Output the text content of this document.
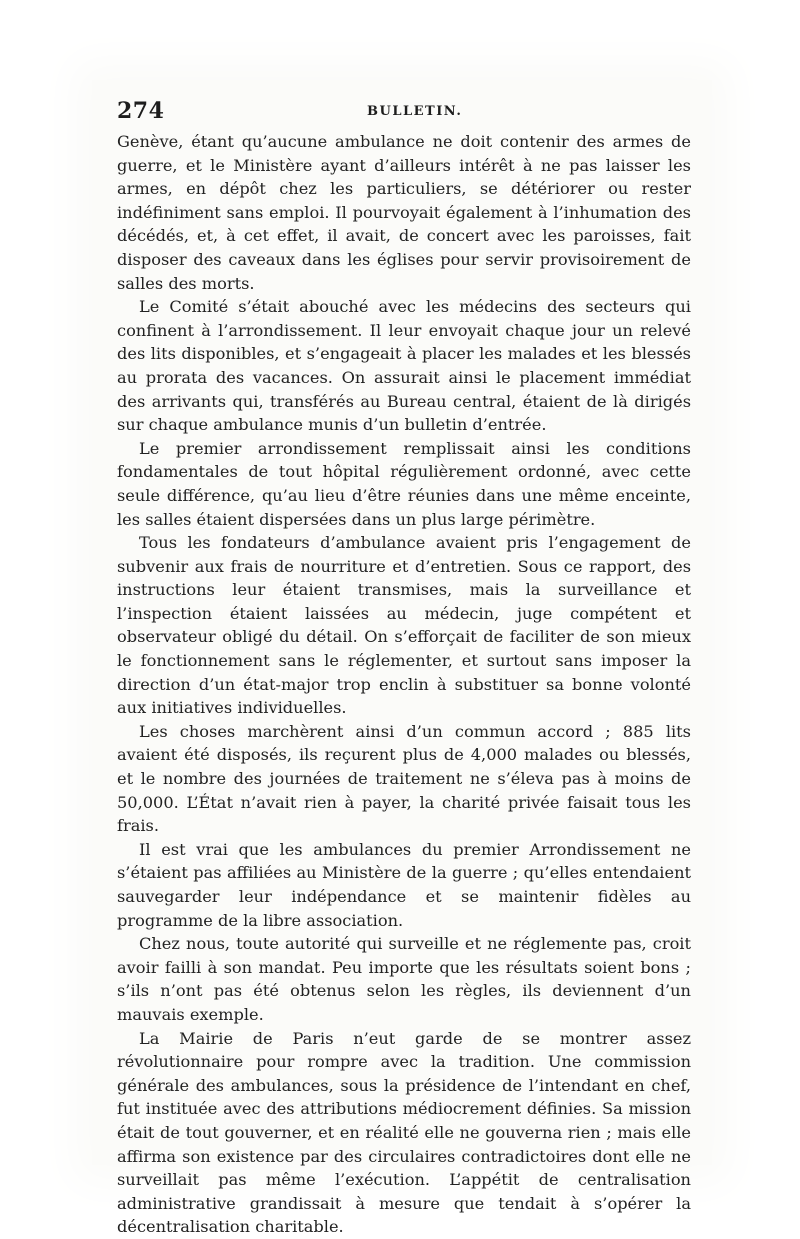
274	BULLETIN.

Genève, étant qu’aucune ambulance ne doit contenir des armes de guerre, et le Ministère ayant d’ailleurs intérêt à ne pas laisser les armes, en dépôt chez les particuliers, se détériorer ou rester indéfiniment sans emploi. Il pourvoyait également à l’inhumation des décédés, et, à cet effet, il avait, de concert avec les paroisses, fait disposer des caveaux dans les églises pour servir provisoirement de salles des morts.

Le Comité s’était abouché avec les médecins des secteurs qui confinent à l’arrondissement. Il leur envoyait chaque jour un relevé des lits disponibles, et s’engageait à placer les malades et les blessés au prorata des vacances. On assurait ainsi le placement immédiat des arrivants qui, transférés au Bureau central, étaient de là dirigés sur chaque ambulance munis d’un bulletin d’entrée.

Le premier arrondissement remplissait ainsi les conditions fondamentales de tout hôpital régulièrement ordonné, avec cette seule différence, qu’au lieu d’être réunies dans une même enceinte, les salles étaient dispersées dans un plus large périmètre.

Tous les fondateurs d’ambulance avaient pris l’engagement de subvenir aux frais de nourriture et d’entretien. Sous ce rapport, des instructions leur étaient transmises, mais la surveillance et l’inspection étaient laissées au médecin, juge compétent et observateur obligé du détail. On s’efforçait de faciliter de son mieux le fonctionnement sans le réglementer, et surtout sans imposer la direction d’un état-major trop enclin à substituer sa bonne volonté aux initiatives individuelles.

Les choses marchèrent ainsi d’un commun accord ; 885 lits avaient été disposés, ils reçurent plus de 4,000 malades ou blessés, et le nombre des journées de traitement ne s’éleva pas à moins de 50,000. L’État n’avait rien à payer, la charité privée faisait tous les frais.

Il est vrai que les ambulances du premier Arrondissement ne s’étaient pas affiliées au Ministère de la guerre ; qu’elles entendaient sauvegarder leur indépendance et se maintenir fidèles au programme de la libre association.

Chez nous, toute autorité qui surveille et ne réglemente pas, croit avoir failli à son mandat. Peu importe que les résultats soient bons ; s’ils n’ont pas été obtenus selon les règles, ils deviennent d’un mauvais exemple.

La Mairie de Paris n’eut garde de se montrer assez révolutionnaire pour rompre avec la tradition. Une commission générale des ambulances, sous la présidence de l’intendant en chef, fut instituée avec des attributions médiocrement définies. Sa mission était de tout gouverner, et en réalité elle ne gouverna rien ; mais elle affirma son existence par des circulaires contradictoires dont elle ne surveillait pas même l’exécution. L’appétit de centralisation administrative grandissait à mesure que tendait à s’opérer la décentralisation charitable.
